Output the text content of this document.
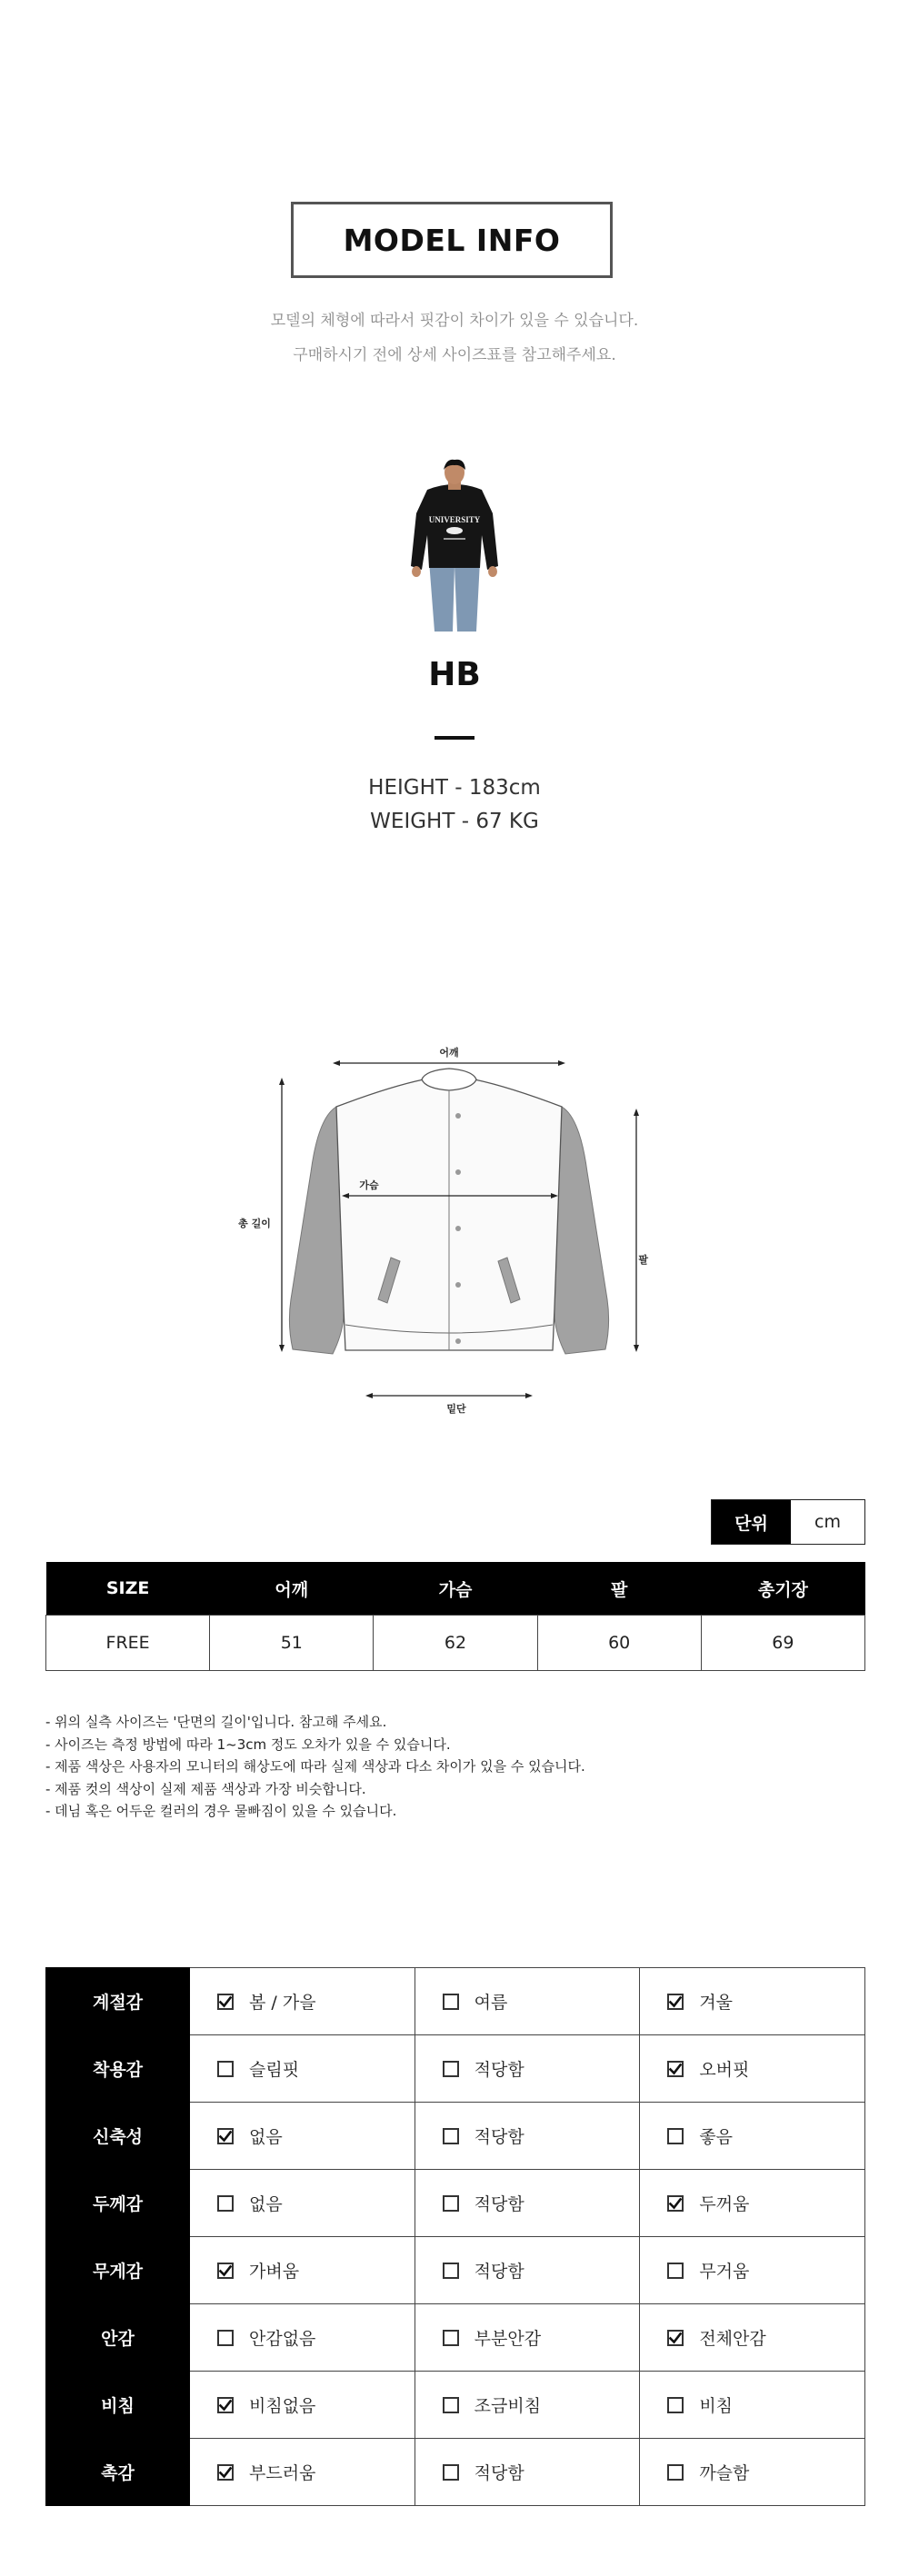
MODEL INFO
모델의 체형에 따라서 핏감이 차이가 있을 수 있습니다.
구매하시기 전에 상세 사이즈표를 참고해주세요.
UNIVERSITY
HB
HEIGHT - 183cm
WEIGHT - 67 KG
어깨
가슴
총 길이
팔
밑단
단위	cm
SIZE	어깨	가슴	팔	총기장
FREE	51	62	60	69
- 위의 실측 사이즈는 '단면의 길이'입니다. 참고해 주세요.
- 사이즈는 측정 방법에 따라 1~3cm 정도 오차가 있을 수 있습니다.
- 제품 색상은 사용자의 모니터의 해상도에 따라 실제 색상과 다소 차이가 있을 수 있습니다.
- 제품 컷의 색상이 실제 제품 색상과 가장 비슷합니다.
- 데님 혹은 어두운 컬러의 경우 물빠짐이 있을 수 있습니다.
계절감	봄 / 가을	여름	겨울

착용감	슬림핏	적당함	오버핏

신축성	없음	적당함	좋음

두께감	없음	적당함	두꺼움

무게감	가벼움	적당함	무거움

안감	안감없음	부분안감	전체안감

비침	비침없음	조금비침	비침

촉감	부드러움	적당함	까슬함
